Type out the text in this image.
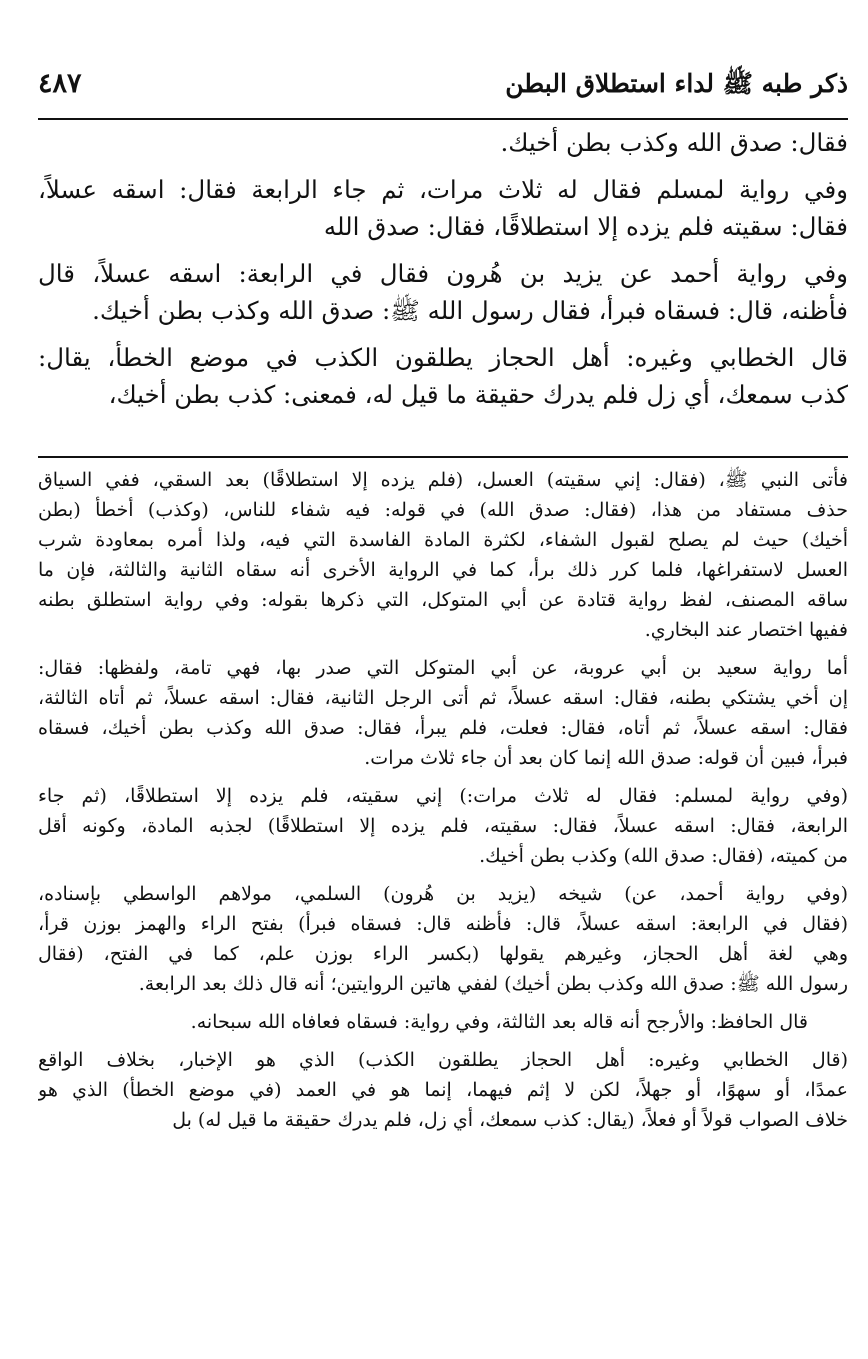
ذكر طبه ﷺ لداء استطلاق البطن
٤٨٧
فقال: صدق الله وكذب بطن أخيك.
وفي رواية لمسلم فقال له ثلاث مرات، ثم جاء الرابعة فقال: اسقه عسلاً،
فقال: سقيته فلم يزده إلا استطلاقًا، فقال: صدق الله
وفي رواية أحمد عن يزيد بن هُرون فقال في الرابعة: اسقه عسلاً، قال
فأظنه، قال: فسقاه فبرأ، فقال رسول الله ﷺ: صدق الله وكذب بطن أخيك.
قال الخطابي وغيره: أهل الحجاز يطلقون الكذب في موضع الخطأ، يقال:
كذب سمعك، أي زل فلم يدرك حقيقة ما قيل له، فمعنى: كذب بطن أخيك،
فأتى النبي ﷺ، (فقال: إني سقيته) العسل، (فلم يزده إلا استطلاقًا) بعد السقي، ففي السياق
حذف مستفاد من هذا، (فقال: صدق الله) في قوله: فيه شفاء للناس، (وكذب) أخطأ (بطن
أخيك) حيث لم يصلح لقبول الشفاء، لكثرة المادة الفاسدة التي فيه، ولذا أمره بمعاودة شرب
العسل لاستفراغها، فلما كرر ذلك برأ، كما في الرواية الأخرى أنه سقاه الثانية والثالثة، فإن ما
ساقه المصنف، لفظ رواية قتادة عن أبي المتوكل، التي ذكرها بقوله: وفي رواية استطلق بطنه
ففيها اختصار عند البخاري.
أما رواية سعيد بن أبي عروبة، عن أبي المتوكل التي صدر بها، فهي تامة، ولفظها: فقال:
إن أخي يشتكي بطنه، فقال: اسقه عسلاً، ثم أتى الرجل الثانية، فقال: اسقه عسلاً، ثم أتاه الثالثة،
فقال: اسقه عسلاً، ثم أتاه، فقال: فعلت، فلم يبرأ، فقال: صدق الله وكذب بطن أخيك، فسقاه
فبرأ، فبين أن قوله: صدق الله إنما كان بعد أن جاء ثلاث مرات.
(وفي رواية لمسلم: فقال له ثلاث مرات:) إني سقيته، فلم يزده إلا استطلاقًا، (ثم جاء
الرابعة، فقال: اسقه عسلاً، فقال: سقيته، فلم يزده إلا استطلاقًا) لجذبه المادة، وكونه أقل
من كميته، (فقال: صدق الله) وكذب بطن أخيك.
(وفي رواية أحمد، عن) شيخه (يزيد بن هُرون) السلمي، مولاهم الواسطي بإسناده،
(فقال في الرابعة: اسقه عسلاً، قال: فأظنه قال: فسقاه فبرأ) بفتح الراء والهمز بوزن قرأ،
وهي لغة أهل الحجاز، وغيرهم يقولها (بكسر الراء بوزن علم، كما في الفتح، (فقال
رسول الله ﷺ: صدق الله وكذب بطن أخيك) لففي هاتين الروايتين؛ أنه قال ذلك بعد الرابعة.
قال الحافظ: والأرجح أنه قاله بعد الثالثة، وفي رواية: فسقاه فعافاه الله سبحانه.
(قال الخطابي وغيره: أهل الحجاز يطلقون الكذب) الذي هو الإخبار، بخلاف الواقع
عمدًا، أو سهوًا، أو جهلاً، لكن لا إثم فيهما، إنما هو في العمد (في موضع الخطأ) الذي هو
خلاف الصواب قولاً أو فعلاً، (يقال: كذب سمعك، أي زل، فلم يدرك حقيقة ما قيل له) بل
